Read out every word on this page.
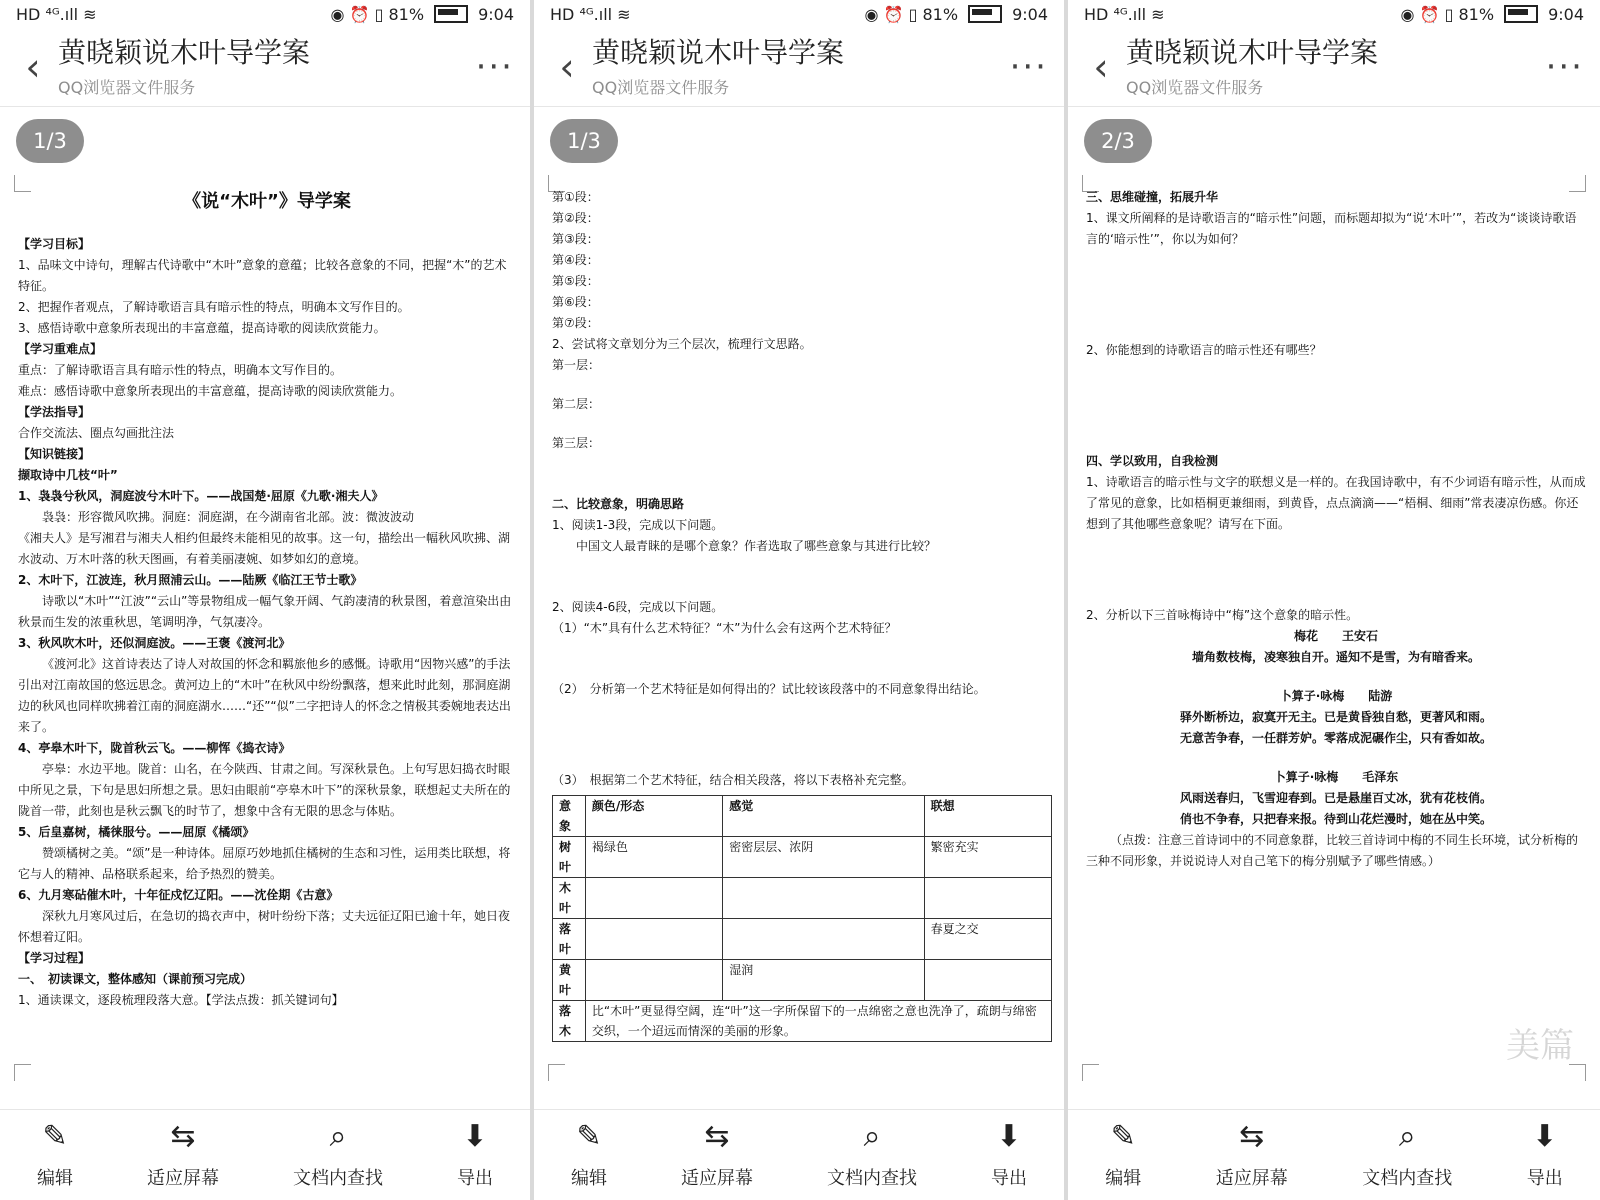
HD ⁴ᴳ.ıll ≋	◉ ⏰ ▯ 81%	9:04
‹ 黄晓颖说木叶导学案
QQ浏览器文件服务	···
1/3
《说“木叶”》导学案

【学习目标】

1、品味文中诗句，理解古代诗歌中“木叶”意象的意蕴；比较各意象的不同，把握“木”的艺术特征。

2、把握作者观点，了解诗歌语言具有暗示性的特点，明确本文写作目的。

3、感悟诗歌中意象所表现出的丰富意蕴，提高诗歌的阅读欣赏能力。

【学习重难点】

重点：了解诗歌语言具有暗示性的特点，明确本文写作目的。

难点：感悟诗歌中意象所表现出的丰富意蕴，提高诗歌的阅读欣赏能力。

【学法指导】

合作交流法、圈点勾画批注法

【知识链接】

撷取诗中几枝“叶”

1、袅袅兮秋风，洞庭波兮木叶下。——战国楚·屈原《九歌·湘夫人》

袅袅：形容微风吹拂。洞庭：洞庭湖，在今湖南省北部。波：微波波动

《湘夫人》是写湘君与湘夫人相约但最终未能相见的故事。这一句，描绘出一幅秋风吹拂、湖水波动、万木叶落的秋天图画，有着美丽凄婉、如梦如幻的意境。

2、木叶下，江波连，秋月照浦云山。——陆厥《临江王节士歌》

诗歌以“木叶”“江波”“云山”等景物组成一幅气象开阔、气韵凄清的秋景图，着意渲染出由秋景而生发的浓重秋思，笔调明净，气氛凄冷。

3、秋风吹木叶，还似洞庭波。——王褒《渡河北》

《渡河北》这首诗表达了诗人对故国的怀念和羁旅他乡的感慨。诗歌用“因物兴感”的手法引出对江南故国的悠远思念。黄河边上的“木叶”在秋风中纷纷飘落，想来此时此刻，那洞庭湖边的秋风也同样吹拂着江南的洞庭湖水……“还”“似”二字把诗人的怀念之情极其委婉地表达出来了。

4、亭皋木叶下，陇首秋云飞。——柳恽《捣衣诗》

亭皋：水边平地。陇首：山名，在今陕西、甘肃之间。写深秋景色。上句写思妇捣衣时眼中所见之景，下句是思妇所想之景。思妇由眼前“亭皋木叶下”的深秋景象，联想起丈夫所在的陇首一带，此刻也是秋云飘飞的时节了，想象中含有无限的思念与体贴。

5、后皇嘉树，橘徕服兮。——屈原《橘颂》

赞颂橘树之美。“颂”是一种诗体。屈原巧妙地抓住橘树的生态和习性，运用类比联想，将它与人的精神、品格联系起来，给予热烈的赞美。

6、九月寒砧催木叶，十年征戍忆辽阳。——沈佺期《古意》

深秋九月寒风过后，在急切的捣衣声中，树叶纷纷下落；丈夫远征辽阳已逾十年，她日夜怀想着辽阳。

【学习过程】

一、　初读课文，整体感知（课前预习完成）

1、通读课文，逐段梳理段落大意。【学法点拨：抓关键词句】

✎
编辑
⇆
适应屏幕
⌕
文档内查找
⬇
导出
HD ⁴ᴳ.ıll ≋	◉ ⏰ ▯ 81%	9:04
‹ 黄晓颖说木叶导学案
QQ浏览器文件服务	···
1/3

第①段：

第②段：

第③段：

第④段：

第⑤段：

第⑥段：

第⑦段：

2、尝试将文章划分为三个层次，梳理行文思路。

第一层：

第二层：

第三层：

二、比较意象，明确思路

1、阅读1-3段，完成以下问题。

中国文人最青睐的是哪个意象？作者选取了哪些意象与其进行比较？

2、阅读4-6段，完成以下问题。

（1）“木”具有什么艺术特征？“木”为什么会有这两个艺术特征？

（2）　分析第一个艺术特征是如何得出的？试比较该段落中的不同意象得出结论。

（3）　根据第二个艺术特征，结合相关段落，将以下表格补充完整。

意象	颜色/形态	感觉	联想
树叶	褐绿色	密密层层、浓阴	繁密充实
木叶			
落叶			春夏之交
黄叶		湿润	
落木	比“木叶”更显得空阔，连“叶”这一字所保留下的一点绵密之意也洗净了，疏朗与绵密交织，一个迢远而情深的美丽的形象。		
✎
编辑
⇆
适应屏幕
⌕
文档内查找
⬇
导出
HD ⁴ᴳ.ıll ≋	◉ ⏰ ▯ 81%	9:04
‹ 黄晓颖说木叶导学案
QQ浏览器文件服务	···
2/3

三、思维碰撞，拓展升华

1、课文所阐释的是诗歌语言的“暗示性”问题，而标题却拟为“说‘木叶’”，若改为“谈谈诗歌语言的‘暗示性’”，你以为如何？

2、你能想到的诗歌语言的暗示性还有哪些？

四、学以致用，自我检测

1、诗歌语言的暗示性与文字的联想义是一样的。在我国诗歌中，有不少词语有暗示性，从而成了常见的意象，比如梧桐更兼细雨，到黄昏，点点滴滴——“梧桐、细雨”常表凄凉伤感。你还想到了其他哪些意象呢？请写在下面。

2、分析以下三首咏梅诗中“梅”这个意象的暗示性。

梅花　　王安石

墙角数枝梅，凌寒独自开。遥知不是雪，为有暗香来。

卜算子·咏梅　　陆游

驿外断桥边，寂寞开无主。已是黄昏独自愁，更著风和雨。

无意苦争春，一任群芳妒。零落成泥碾作尘，只有香如故。

卜算子·咏梅　　毛泽东

风雨送春归，飞雪迎春到。已是悬崖百丈冰，犹有花枝俏。

俏也不争春，只把春来报。待到山花烂漫时，她在丛中笑。

（点拨：注意三首诗词中的不同意象群，比较三首诗词中梅的不同生长环境，试分析梅的三种不同形象，并说说诗人对自己笔下的梅分别赋予了哪些情感。）

美篇
✎
编辑
⇆
适应屏幕
⌕
文档内查找
⬇
导出
